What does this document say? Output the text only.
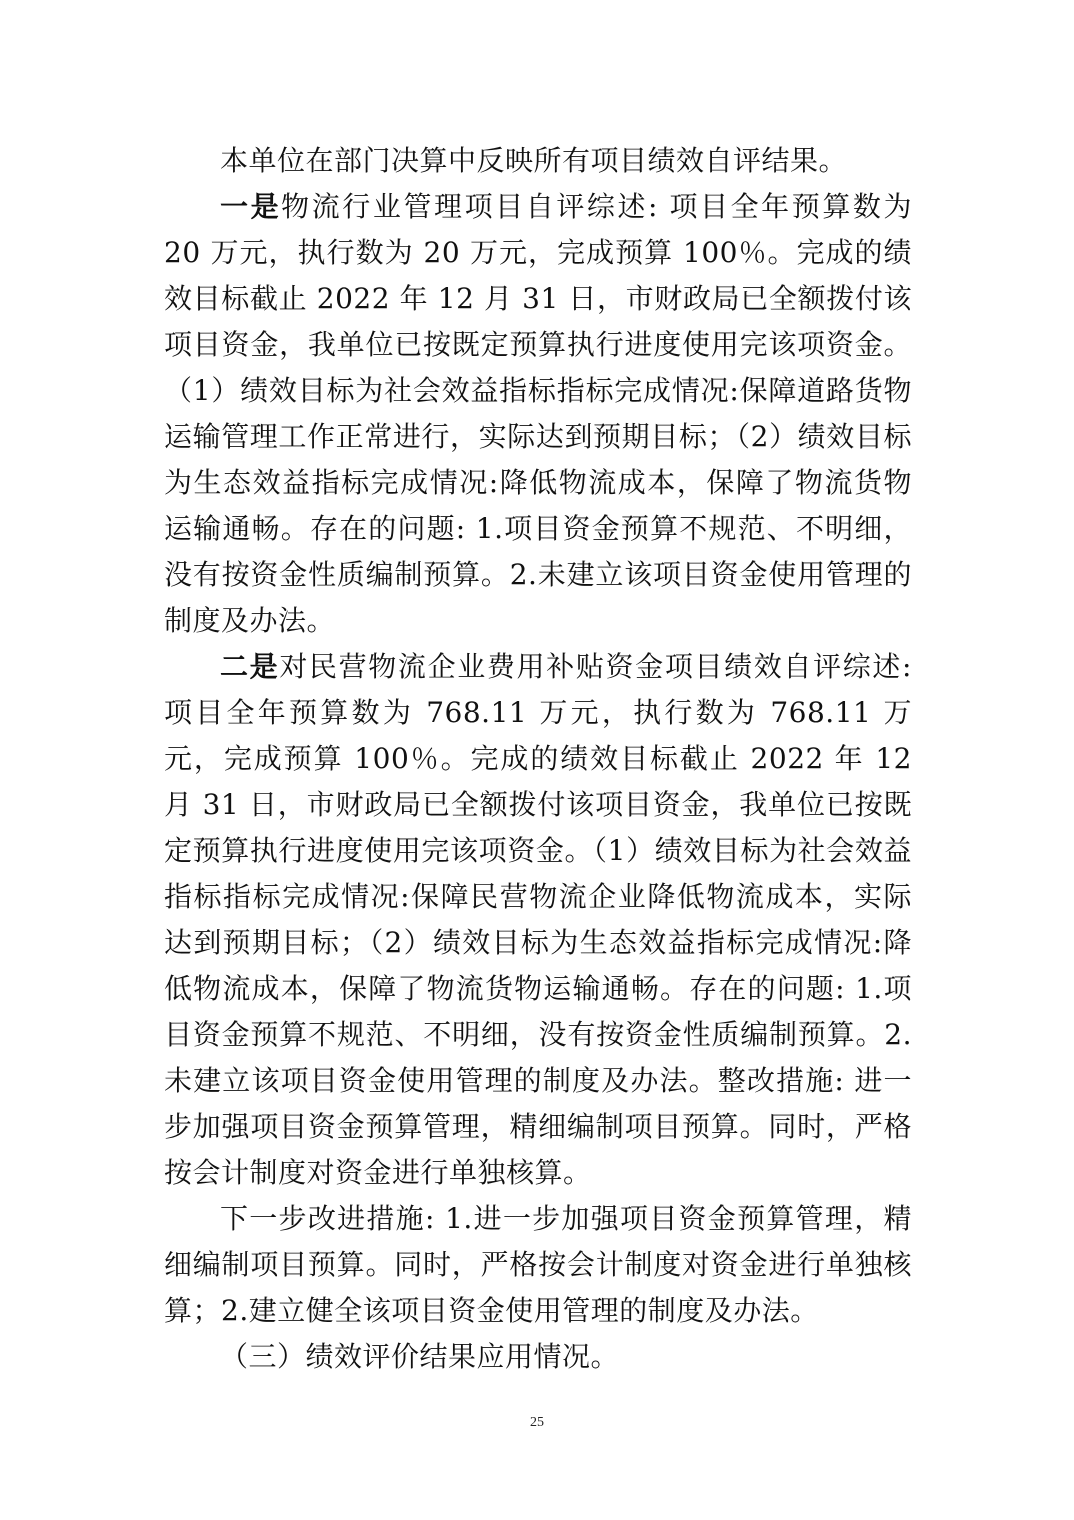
本单位在部门决算中反映所有项目绩效自评结果。

一是物流行业管理项目自评综述: 项目全年预算数为 20 万元，执行数为 20 万元，完成预算 100％。完成的绩效目标截止 2022 年 12 月 31 日，市财政局已全额拨付该项目资金，我单位已按既定预算执行进度使用完该项资金。（1）绩效目标为社会效益指标指标完成情况:保障道路货物运输管理工作正常进行，实际达到预期目标；（2）绩效目标为生态效益指标完成情况:降低物流成本，保障了物流货物运输通畅。存在的问题: 1.项目资金预算不规范、不明细，没有按资金性质编制预算。2.未建立该项目资金使用管理的制度及办法。

二是对民营物流企业费用补贴资金项目绩效自评综述: 项目全年预算数为 768.11 万元，执行数为 768.11 万元，完成预算 100％。完成的绩效目标截止 2022 年 12 月 31 日，市财政局已全额拨付该项目资金，我单位已按既定预算执行进度使用完该项资金。（1）绩效目标为社会效益指标指标完成情况:保障民营物流企业降低物流成本，实际达到预期目标；（2）绩效目标为生态效益指标完成情况:降低物流成本，保障了物流货物运输通畅。存在的问题: 1.项目资金预算不规范、不明细，没有按资金性质编制预算。2.未建立该项目资金使用管理的制度及办法。整改措施: 进一步加强项目资金预算管理，精细编制项目预算。同时，严格按会计制度对资金进行单独核算。

下一步改进措施: 1.进一步加强项目资金预算管理，精细编制项目预算。同时，严格按会计制度对资金进行单独核算；2.建立健全该项目资金使用管理的制度及办法。

（三）绩效评价结果应用情况。

25
